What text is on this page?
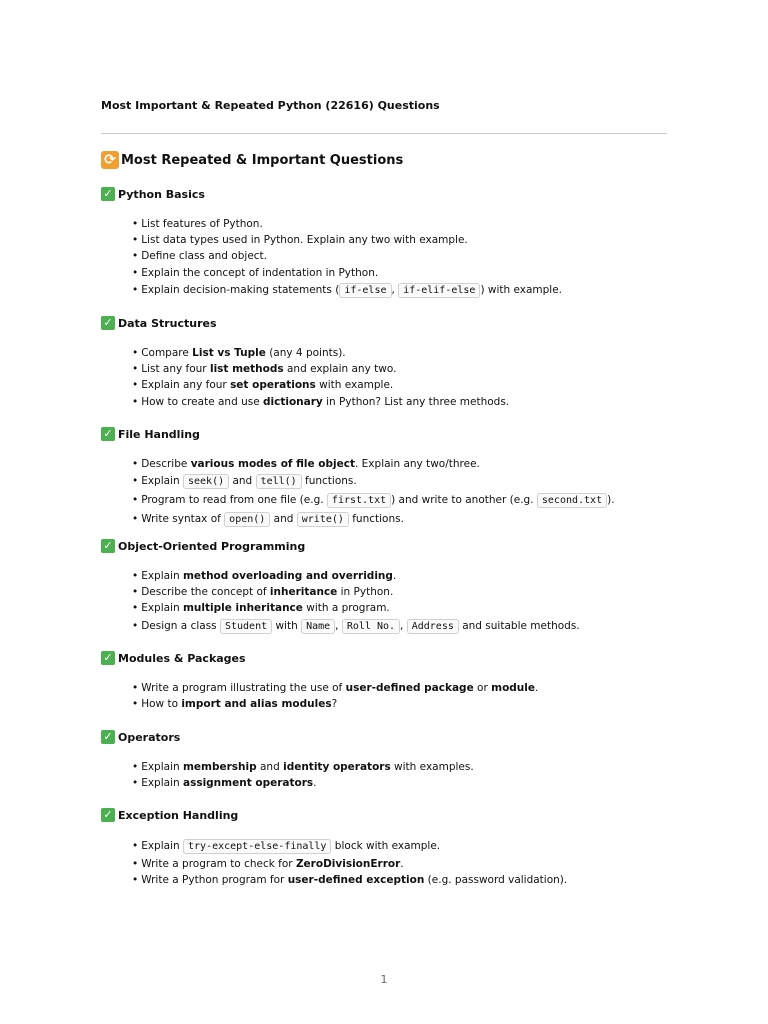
Most Important & Repeated Python (22616) Questions
⟳ Most Repeated & Important Questions
✓ Python Basics
• List features of Python.
• List data types used in Python. Explain any two with example.
• Define class and object.
• Explain the concept of indentation in Python.
• Explain decision-making statements ( if-else , if-elif-else ) with example.
✓ Data Structures
• Compare List vs Tuple (any 4 points).
• List any four list methods and explain any two.
• Explain any four set operations with example.
• How to create and use dictionary in Python? List any three methods.
✓ File Handling
• Describe various modes of file object. Explain any two/three.
• Explain seek() and tell() functions.
• Program to read from one file (e.g. first.txt ) and write to another (e.g. second.txt ).
• Write syntax of open() and write() functions.
✓ Object-Oriented Programming
• Explain method overloading and overriding.
• Describe the concept of inheritance in Python.
• Explain multiple inheritance with a program.
• Design a class Student with Name , Roll No. , Address and suitable methods.
✓ Modules & Packages
• Write a program illustrating the use of user-defined package or module.
• How to import and alias modules?
✓ Operators
• Explain membership and identity operators with examples.
• Explain assignment operators.
✓ Exception Handling
• Explain try-except-else-finally block with example.
• Write a program to check for ZeroDivisionError.
• Write a Python program for user-defined exception (e.g. password validation).
1
